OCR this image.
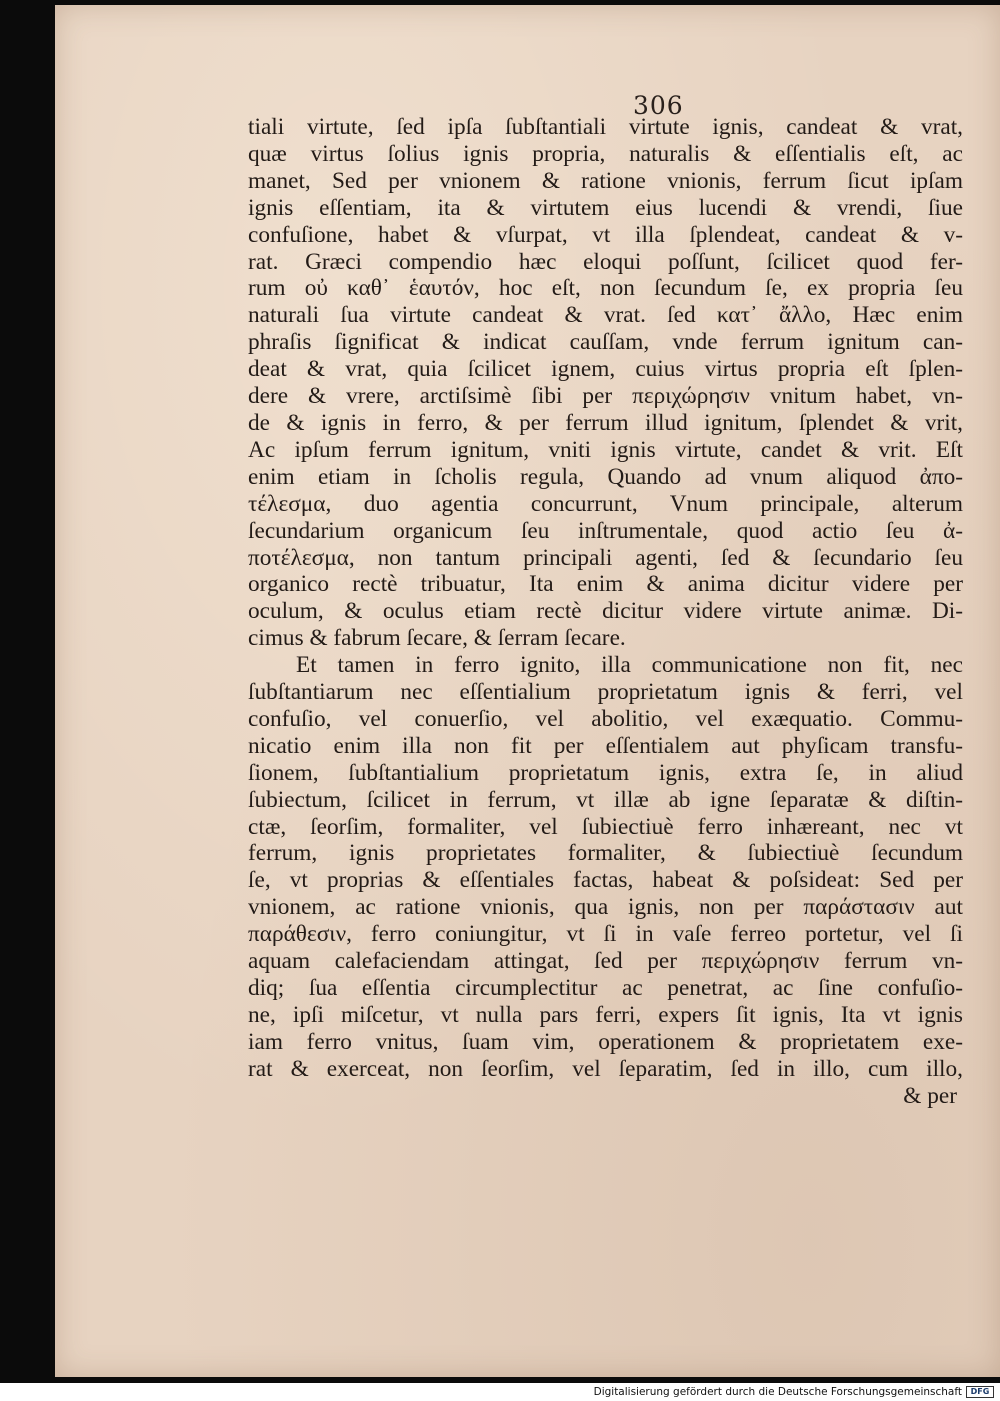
306

tiali virtute, ſed ipſa ſubſtantiali virtute ignis, candeat & vrat,
quæ virtus ſolius ignis propria, naturalis & eſſentialis eſt, ac
manet, Sed per vnionem & ratione vnionis, ferrum ſicut ipſam
ignis eſſentiam, ita & virtutem eius lucendi & vrendi, ſiue
confuſione, habet & vſurpat, vt illa ſplendeat, candeat & v-
rat. Græci compendio hæc eloqui poſſunt, ſcilicet quod fer-
rum οὐ καθ᾽ ἑαυτόν, hoc eſt, non ſecundum ſe, ex propria ſeu
naturali ſua virtute candeat & vrat. ſed κατ᾽ ἄλλο, Hæc enim
phraſis ſignificat & indicat cauſſam, vnde ferrum ignitum can-
deat & vrat, quia ſcilicet ignem, cuius virtus propria eſt ſplen-
dere & vrere, arctiſsimè ſibi per περιχώρησιν vnitum habet, vn-
de & ignis in ferro, & per ferrum illud ignitum, ſplendet & vrit,
Ac ipſum ferrum ignitum, vniti ignis virtute, candet & vrit. Eſt
enim etiam in ſcholis regula, Quando ad vnum aliquod ἀπο-
τέλεσμα, duo agentia concurrunt, Vnum principale, alterum
ſecundarium organicum ſeu inſtrumentale, quod actio ſeu ἀ-
ποτέλεσμα, non tantum principali agenti, ſed & ſecundario ſeu
organico rectè tribuatur, Ita enim & anima dicitur videre per
oculum, & oculus etiam rectè dicitur videre virtute animæ. Di-
cimus & fabrum ſecare, & ſerram ſecare.
Et tamen in ferro ignito, illa communicatione non fit, nec
ſubſtantiarum nec eſſentialium proprietatum ignis & ferri, vel
confuſio, vel conuerſio, vel abolitio, vel exæquatio. Commu-
nicatio enim illa non fit per eſſentialem aut phyſicam transfu-
ſionem, ſubſtantialium proprietatum ignis, extra ſe, in aliud
ſubiectum, ſcilicet in ferrum, vt illæ ab igne ſeparatæ & diſtin-
ctæ, ſeorſim, formaliter, vel ſubiectiuè ferro inhæreant, nec vt
ferrum, ignis proprietates formaliter, & ſubiectiuè ſecundum
ſe, vt proprias & eſſentiales factas, habeat & poſsideat: Sed per
vnionem, ac ratione vnionis, qua ignis, non per παράστασιν aut
παράθεσιν, ferro coniungitur, vt ſi in vaſe ferreo portetur, vel ſi
aquam calefaciendam attingat, ſed per περιχώρησιν ferrum vn-
diq; ſua eſſentia circumplectitur ac penetrat, ac ſine confuſio-
ne, ipſi miſcetur, vt nulla pars ferri, expers ſit ignis, Ita vt ignis
iam ferro vnitus, ſuam vim, operationem & proprietatem exe-
rat & exerceat, non ſeorſim, vel ſeparatim, ſed in illo, cum illo,
& per

Digitalisierung gefördert durch die Deutsche Forschungsgemeinschaft	DFG
